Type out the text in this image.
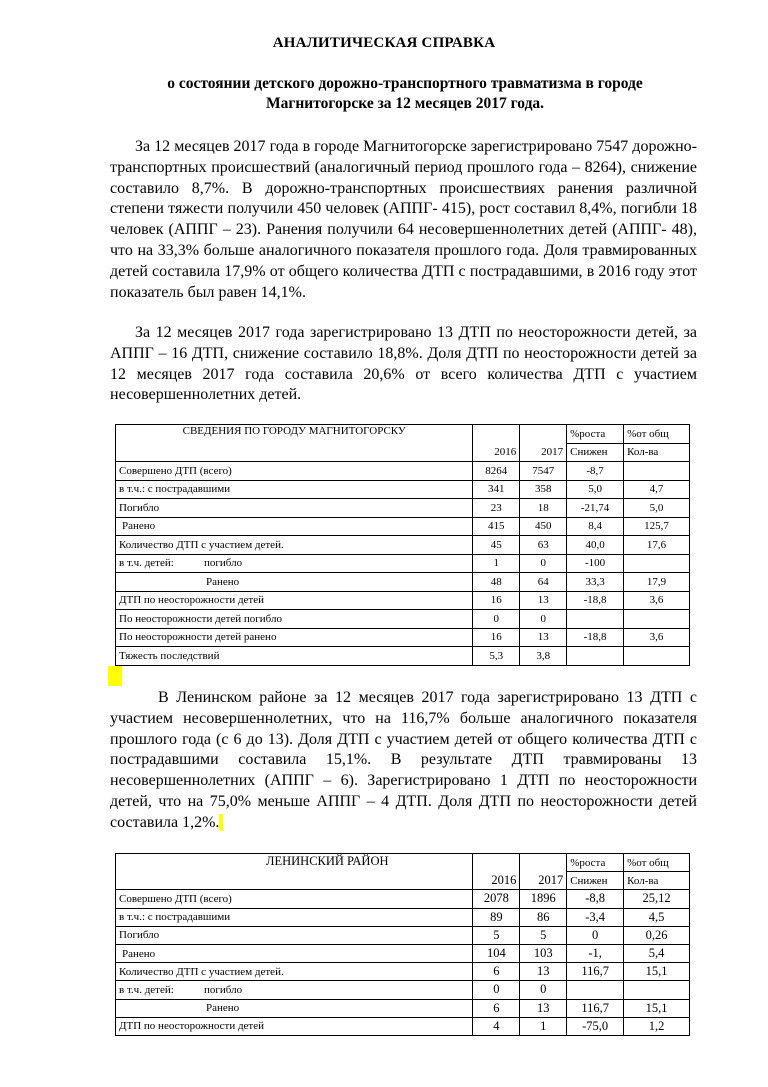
АНАЛИТИЧЕСКАЯ СПРАВКА
о состоянии детского дорожно-транспортного травматизма в городе
Магнитогорске за 12 месяцев 2017 года.

За 12 месяцев 2017 года в городе Магнитогорске зарегистрировано 7547 дорожно-транспортных происшествий (аналогичный период прошлого года – 8264), снижение составило 8,7%. В дорожно-транспортных происшествиях ранения различной степени тяжести получили 450 человек (АППГ- 415), рост составил 8,4%, погибли 18 человек (АППГ – 23). Ранения получили 64 несовершеннолетних детей (АППГ- 48), что на 33,3% больше аналогичного показателя прошлого года. Доля травмированных детей составила 17,9% от общего количества ДТП с пострадавшими, в 2016 году этот показатель был равен 14,1%.

За 12 месяцев 2017 года зарегистрировано 13 ДТП по неосторожности детей, за АППГ – 16 ДТП, снижение составило 18,8%. Доля ДТП по неосторожности детей за 12 месяцев 2017 года составила 20,6% от всего количества ДТП с участием несовершеннолетних детей.

СВЕДЕНИЯ ПО ГОРОДУ МАГНИТОГОРСКУ			%роста	%от общ
	2016	2017	Снижен	Кол-ва
Совершено ДТП (всего)	8264	7547	-8,7	
в т.ч.: с пострадавшими	341	358	5,0	4,7
Погибло	23	18	-21,74	5,0
Ранено	415	450	8,4	125,7
Количество ДТП с участием детей.	45	63	40,0	17,6
в т.ч. детей: погибло	1	0	-100	
Ранено	48	64	33,3	17,9
ДТП по неосторожности детей	16	13	-18,8	3,6
По неосторожности детей погибло	0	0		
По неосторожности детей ранено	16	13	-18,8	3,6
Тяжесть последствий	5,3	3,8		

В Ленинском районе за 12 месяцев 2017 года зарегистрировано 13 ДТП с участием несовершеннолетних, что на 116,7% больше аналогичного показателя прошлого года (с 6 до 13). Доля ДТП с участием детей от общего количества ДТП с пострадавшими составила 15,1%. В результате ДТП травмированы 13 несовершеннолетних (АППГ – 6). Зарегистрировано 1 ДТП по неосторожности детей, что на 75,0% меньше АППГ – 4 ДТП. Доля ДТП по неосторожности детей составила 1,2%.

ЛЕНИНСКИЙ РАЙОН			%роста	%от общ
	2016	2017	Снижен	Кол-ва
Совершено ДТП (всего)	2078	1896	-8,8	25,12
в т.ч.: с пострадавшими	89	86	-3,4	4,5
Погибло	5	5	0	0,26
Ранено	104	103	-1,	5,4
Количество ДТП с участием детей.	6	13	116,7	15,1
в т.ч. детей: погибло	0	0		
Ранено	6	13	116,7	15,1
ДТП по неосторожности детей	4	1	-75,0	1,2
